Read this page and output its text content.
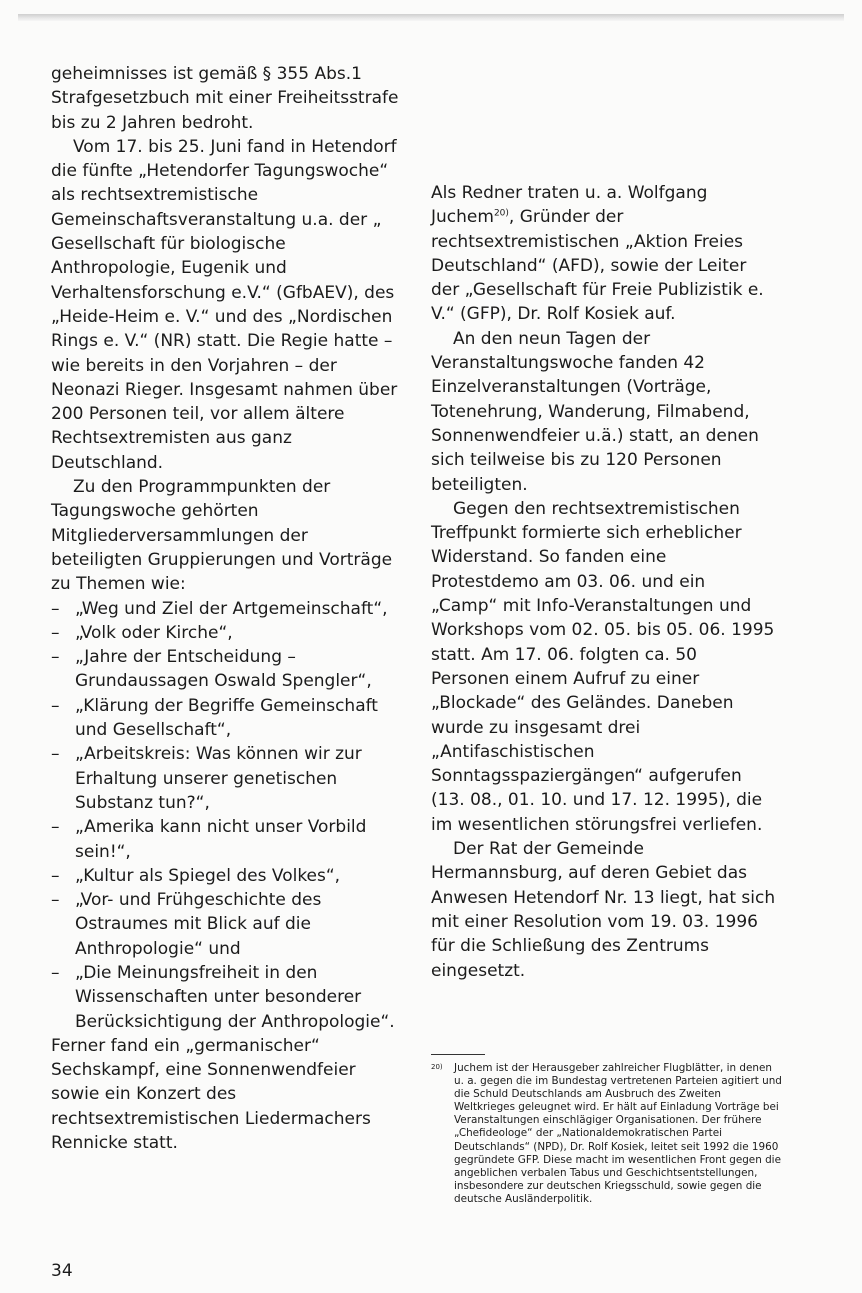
geheimnisses ist gemäß § 355 Abs.1 Strafgesetzbuch mit einer Freiheitsstrafe bis zu 2 Jahren bedroht.

Vom 17. bis 25. Juni fand in Hetendorf die fünfte „Hetendorfer Tagungswoche“ als rechtsextremistische Gemeinschaftsveranstaltung u.a. der „ Gesellschaft für biologische Anthropologie, Eugenik und Verhaltensforschung e.V.“ (GfbAEV), des „Heide-Heim e. V.“ und des „Nordischen Rings e. V.“ (NR) statt. Die Regie hatte – wie bereits in den Vorjahren – der Neonazi Rieger. Insgesamt nahmen über 200 Personen teil, vor allem ältere Rechtsextremisten aus ganz Deutschland.

Zu den Programmpunkten der Tagungswoche gehörten Mitgliederversammlungen der beteiligten Gruppierungen und Vorträge zu Themen wie:

– „Weg und Ziel der Artgemeinschaft“,
– „Volk oder Kirche“,
– „Jahre der Entscheidung – Grundaussagen Oswald Spengler“,
– „Klärung der Begriffe Gemeinschaft und Gesellschaft“,
– „Arbeitskreis: Was können wir zur Erhaltung unserer genetischen Substanz tun?“,
– „Amerika kann nicht unser Vorbild sein!“,
– „Kultur als Spiegel des Volkes“,
– „Vor- und Frühgeschichte des Ostraumes mit Blick auf die Anthropologie“ und
– „Die Meinungsfreiheit in den Wissenschaften unter besonderer Berücksichtigung der Anthropologie“.

Ferner fand ein „germanischer“ Sechskampf, eine Sonnenwendfeier sowie ein Konzert des rechtsextremistischen Liedermachers Rennicke statt.

Als Redner traten u. a. Wolfgang Juchem$^{20)}$, Gründer der rechtsextremistischen „Aktion Freies Deutschland“ (AFD), sowie der Leiter der „Gesellschaft für Freie Publizistik e. V.“ (GFP), Dr. Rolf Kosiek auf.

An den neun Tagen der Veranstaltungswoche fanden 42 Einzelveranstaltungen (Vorträge, Totenehrung, Wanderung, Filmabend, Sonnenwendfeier u.ä.) statt, an denen sich teilweise bis zu 120 Personen beteiligten.

Gegen den rechtsextremistischen Treffpunkt formierte sich erheblicher Widerstand. So fanden eine Protestdemo am 03. 06. und ein „Camp“ mit Info-Veranstaltungen und Workshops vom 02. 05. bis 05. 06. 1995 statt. Am 17. 06. folgten ca. 50 Personen einem Aufruf zu einer „Blockade“ des Geländes. Daneben wurde zu insgesamt drei „Antifaschistischen Sonntagsspaziergängen“ aufgerufen (13. 08., 01. 10. und 17. 12. 1995), die im wesentlichen störungsfrei verliefen.

Der Rat der Gemeinde Hermannsburg, auf deren Gebiet das Anwesen Hetendorf Nr. 13 liegt, hat sich mit einer Resolution vom 19. 03. 1996 für die Schließung des Zentrums eingesetzt.

20) Juchem ist der Herausgeber zahlreicher Flugblätter, in denen u. a. gegen die im Bundestag vertretenen Parteien agitiert und die Schuld Deutschlands am Ausbruch des Zweiten Weltkrieges geleugnet wird. Er hält auf Einladung Vorträge bei Veranstaltungen einschlägiger Organisationen. Der frühere „Chefideologe“ der „Nationaldemokratischen Partei Deutschlands“ (NPD), Dr. Rolf Kosiek, leitet seit 1992 die 1960 gegründete GFP. Diese macht im wesentlichen Front gegen die angeblichen verbalen Tabus und Geschichtsentstellungen, insbesondere zur deutschen Kriegsschuld, sowie gegen die deutsche Ausländerpolitik.
34
